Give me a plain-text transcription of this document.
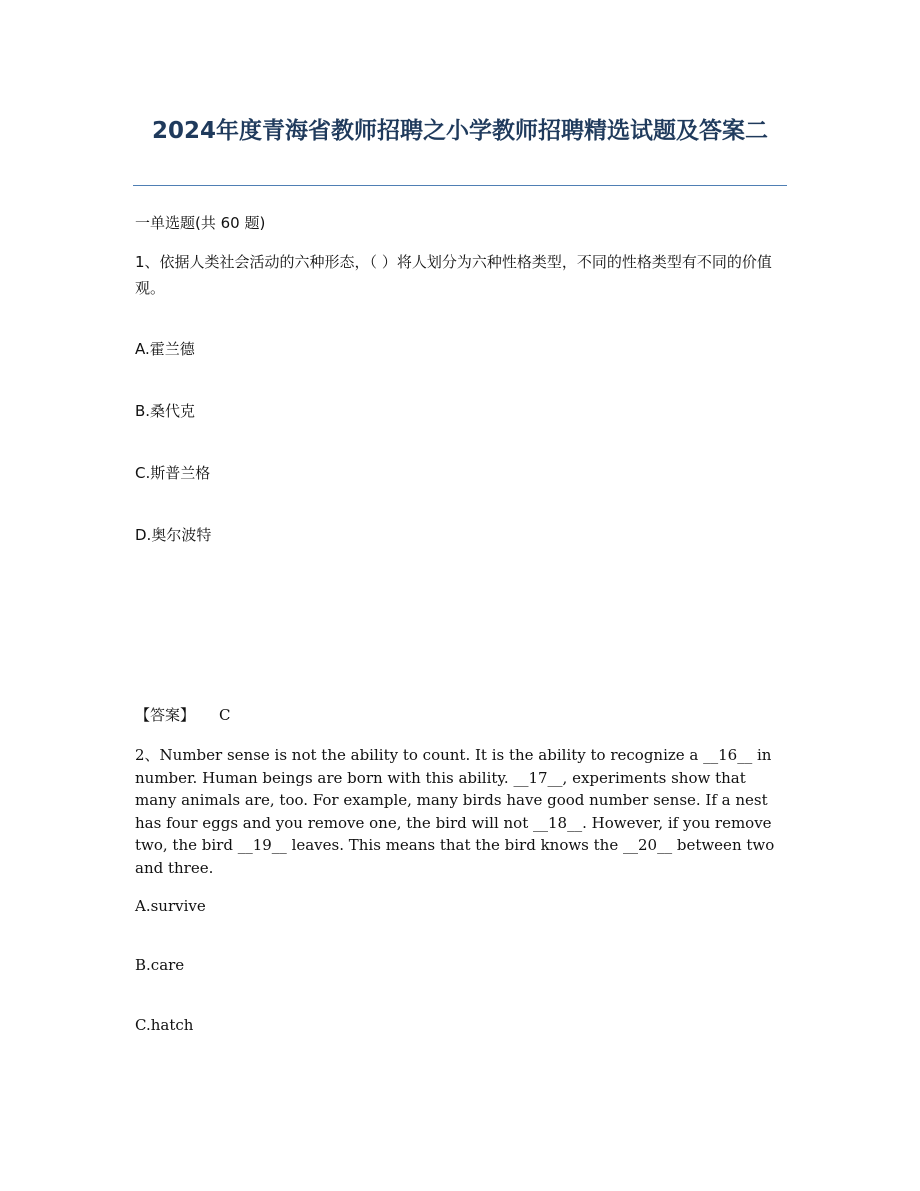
2024年度青海省教师招聘之小学教师招聘精选试题及答案二
一单选题(共 60 题)
1、依据人类社会活动的六种形态，（ ）将人划分为六种性格类型，不同的性格类型有不同的价值观。
A.霍兰德
B.桑代克
C.斯普兰格
D.奥尔波特
【答案】 C
2、Number sense is not the ability to count. It is the ability to recognize a __16__ in number. Human beings are born with this ability. __17__, experiments show that many animals are, too. For example, many birds have good number sense. If a nest has four eggs and you remove one, the bird will not __18__. However, if you remove two, the bird __19__ leaves. This means that the bird knows the __20__ between two and three.
A.survive
B.care
C.hatch
